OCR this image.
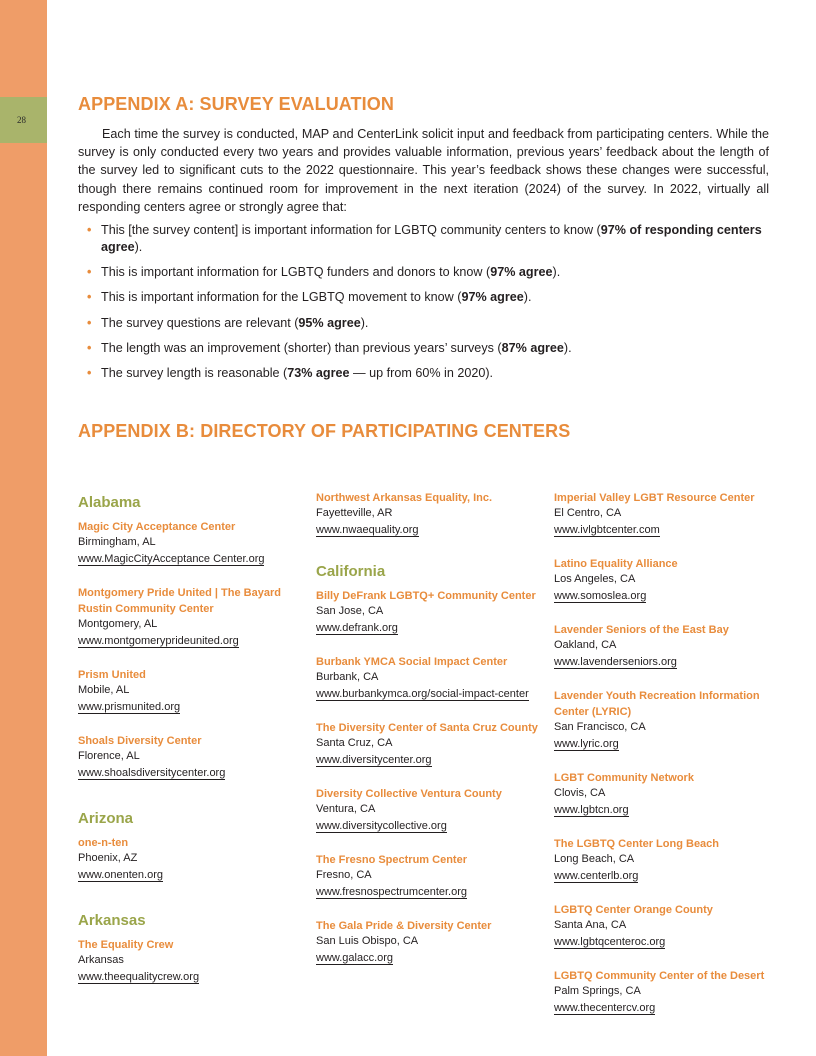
28
APPENDIX A: SURVEY EVALUATION

Each time the survey is conducted, MAP and CenterLink solicit input and feedback from participating centers. While the survey is only conducted every two years and provides valuable information, previous years’ feedback about the length of the survey led to significant cuts to the 2022 questionnaire. This year’s feedback shows these changes were successful, though there remains continued room for improvement in the next iteration (2024) of the survey. In 2022, virtually all responding centers agree or strongly agree that:

• This [the survey content] is important information for LGBTQ community centers to know (97% of responding centers agree).
• This is important information for LGBTQ funders and donors to know (97% agree).
• This is important information for the LGBTQ movement to know (97% agree).
• The survey questions are relevant (95% agree).
• The length was an improvement (shorter) than previous years’ surveys (87% agree).
• The survey length is reasonable (73% agree — up from 60% in 2020).
APPENDIX B: DIRECTORY OF PARTICIPATING CENTERS
Alabama
Magic City Acceptance Center
Birmingham, AL
www.MagicCityAcceptance Center.org
Montgomery Pride United | The Bayard Rustin Community Center
Montgomery, AL
www.montgomeryprideunited.org
Prism United
Mobile, AL
www.prismunited.org
Shoals Diversity Center
Florence, AL
www.shoalsdiversitycenter.org
Arizona
one-n-ten
Phoenix, AZ
www.onenten.org
Arkansas
The Equality Crew
Arkansas
www.theequalitycrew.org
Northwest Arkansas Equality, Inc.
Fayetteville, AR
www.nwaequality.org
California
Billy DeFrank LGBTQ+ Community Center
San Jose, CA
www.defrank.org
Burbank YMCA Social Impact Center
Burbank, CA
www.burbankymca.org/social-impact-center
The Diversity Center of Santa Cruz County
Santa Cruz, CA
www.diversitycenter.org
Diversity Collective Ventura County
Ventura, CA
www.diversitycollective.org
The Fresno Spectrum Center
Fresno, CA
www.fresnospectrumcenter.org
The Gala Pride & Diversity Center
San Luis Obispo, CA
www.galacc.org
Imperial Valley LGBT Resource Center
El Centro, CA
www.ivlgbtcenter.com
Latino Equality Alliance
Los Angeles, CA
www.somoslea.org
Lavender Seniors of the East Bay
Oakland, CA
www.lavenderseniors.org
Lavender Youth Recreation Information Center (LYRIC)
San Francisco, CA
www.lyric.org
LGBT Community Network
Clovis, CA
www.lgbtcn.org
The LGBTQ Center Long Beach
Long Beach, CA
www.centerlb.org
LGBTQ Center Orange County
Santa Ana, CA
www.lgbtqcenteroc.org
LGBTQ Community Center of the Desert
Palm Springs, CA
www.thecentercv.org
